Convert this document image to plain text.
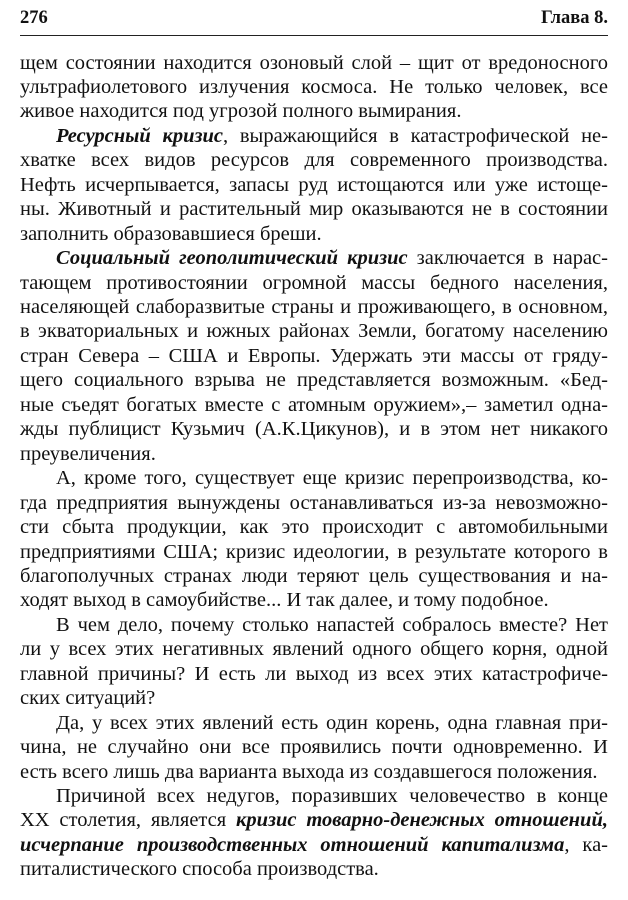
276	Глава 8.
щем состоянии находится озоновый слой – щит от вредоносного
ультрафиолетового излучения космоса. Не только человек, все
живое находится под угрозой полного вымирания.
Ресурсный кризис, выражающийся в катастрофической не-
хватке всех видов ресурсов для современного производства.
Нефть исчерпывается, запасы руд истощаются или уже истоще-
ны. Животный и растительный мир оказываются не в состоянии
заполнить образовавшиеся бреши.
Социальный геополитический кризис заключается в нарас-
тающем противостоянии огромной массы бедного населения,
населяющей слаборазвитые страны и проживающего, в основном,
в экваториальных и южных районах Земли, богатому населению
стран Севера – США и Европы. Удержать эти массы от гряду-
щего социального взрыва не представляется возможным. «Бед-
ные съедят богатых вместе с атомным оружием»,– заметил одна-
жды публицист Кузьмич (А.К.Цикунов), и в этом нет никакого
преувеличения.
А, кроме того, существует еще кризис перепроизводства, ко-
гда предприятия вынуждены останавливаться из-за невозможно-
сти сбыта продукции, как это происходит с автомобильными
предприятиями США; кризис идеологии, в результате которого в
благополучных странах люди теряют цель существования и на-
ходят выход в самоубийстве... И так далее, и тому подобное.
В чем дело, почему столько напастей собралось вместе? Нет
ли у всех этих негативных явлений одного общего корня, одной
главной причины? И есть ли выход из всех этих катастрофиче-
ских ситуаций?
Да, у всех этих явлений есть один корень, одна главная при-
чина, не случайно они все проявились почти одновременно. И
есть всего лишь два варианта выхода из создавшегося положения.
Причиной всех недугов, поразивших человечество в конце
XX столетия, является кризис товарно-денежных отношений,
исчерпание производственных отношений капитализма, ка-
питалистического способа производства.
